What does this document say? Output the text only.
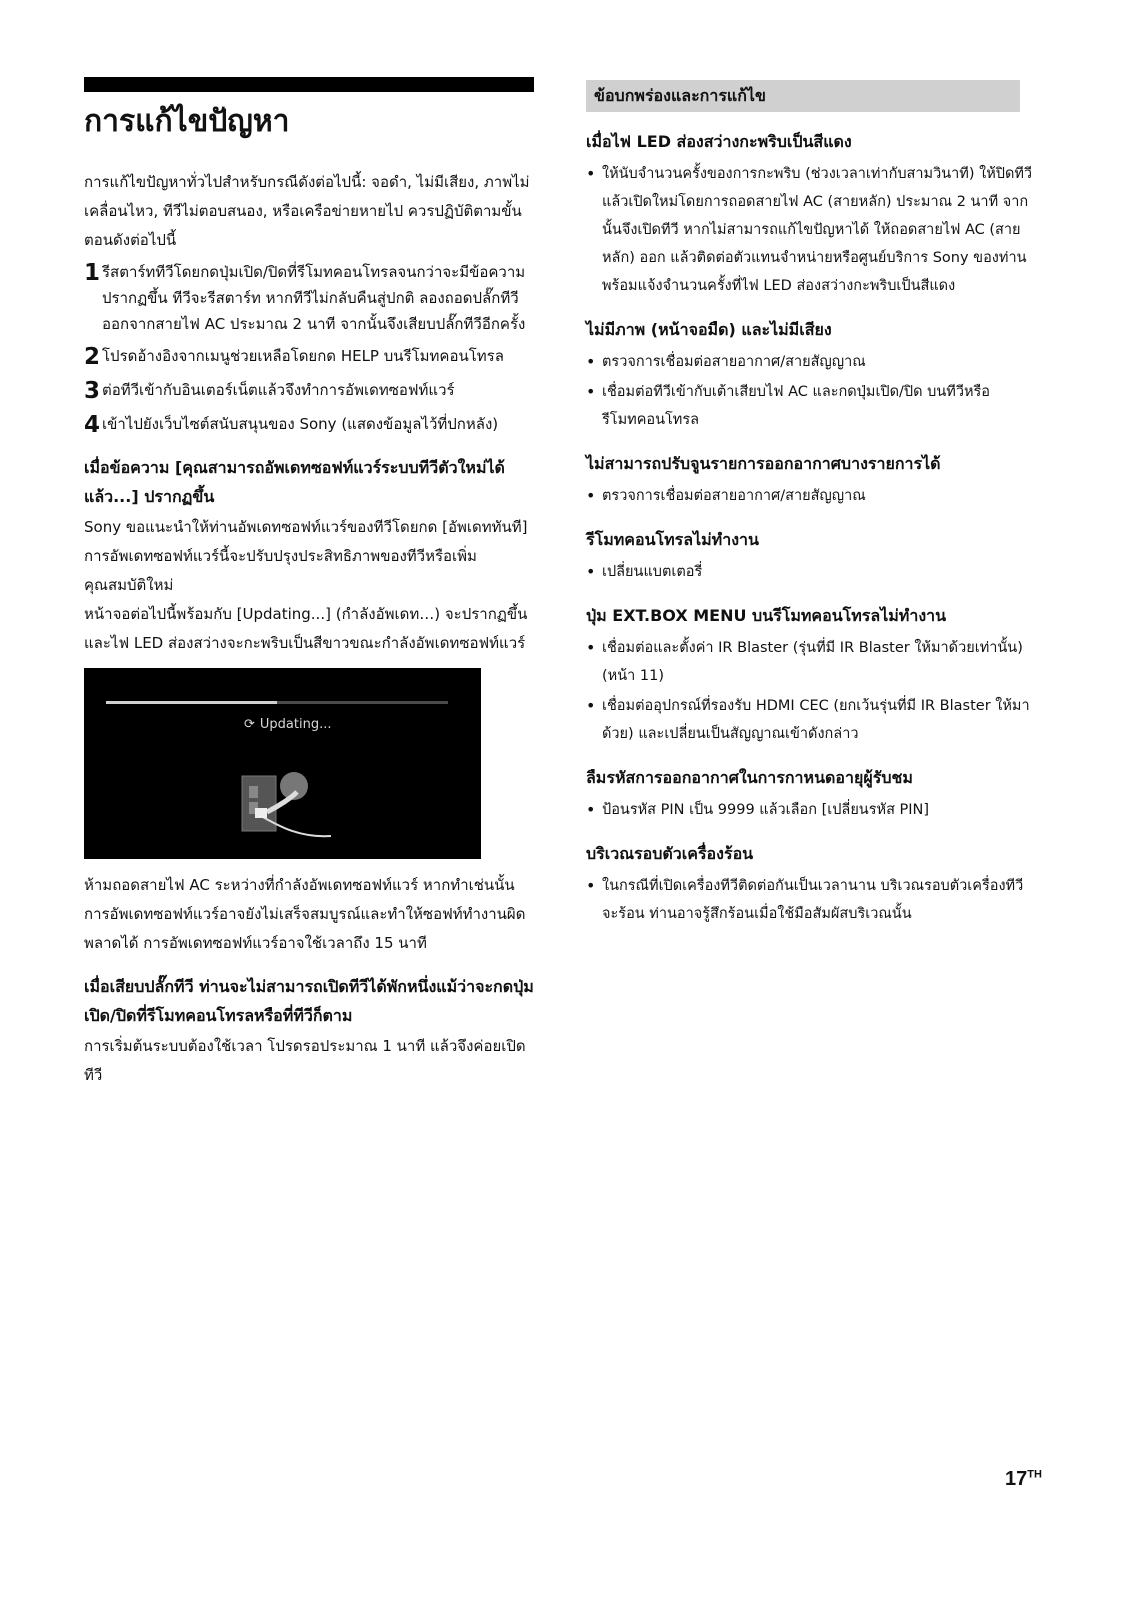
การแก้ไขปัญหา

การแก้ไขปัญหาทั่วไปสำหรับกรณีดังต่อไปนี้: จอดำ, ไม่มีเสียง, ภาพไม่เคลื่อนไหว, ทีวีไม่ตอบสนอง, หรือเครือข่ายหายไป ควรปฏิบัติตามขั้นตอนดังต่อไปนี้

1 รีสตาร์ททีวีโดยกดปุ่มเปิด/ปิดที่รีโมทคอนโทรลจนกว่าจะมีข้อความปรากฏขึ้น ทีวีจะรีสตาร์ท หากทีวีไม่กลับคืนสู่ปกติ ลองถอดปลั๊กทีวีออกจากสายไฟ AC ประมาณ 2 นาที จากนั้นจึงเสียบปลั๊กทีวีอีกครั้ง
2 โปรดอ้างอิงจากเมนูช่วยเหลือโดยกด HELP บนรีโมทคอนโทรล
3 ต่อทีวีเข้ากับอินเตอร์เน็ตแล้วจึงทำการอัพเดทซอฟท์แวร์
4 เข้าไปยังเว็บไซต์สนับสนุนของ Sony (แสดงข้อมูลไว้ที่ปกหลัง)
เมื่อข้อความ [คุณสามารถอัพเดทซอฟท์แวร์ระบบทีวีตัวใหม่ได้แล้ว...] ปรากฏขึ้น

Sony ขอแนะนำให้ท่านอัพเดทซอฟท์แวร์ของทีวีโดยกด [อัพเดททันที] การอัพเดทซอฟท์แวร์นี้จะปรับปรุงประสิทธิภาพของทีวีหรือเพิ่มคุณสมบัติใหม่

หน้าจอต่อไปนี้พร้อมกับ [Updating...] (กำลังอัพเดท…) จะปรากฏขึ้น และไฟ LED ส่องสว่างจะกะพริบเป็นสีขาวขณะกำลังอัพเดทซอฟท์แวร์

⟳ Updating...

ห้ามถอดสายไฟ AC ระหว่างที่กำลังอัพเดทซอฟท์แวร์ หากทำเช่นนั้น การอัพเดทซอฟท์แวร์อาจยังไม่เสร็จสมบูรณ์และทำให้ซอฟท์ทำงานผิดพลาดได้ การอัพเดทซอฟท์แวร์อาจใช้เวลาถึง 15 นาที

เมื่อเสียบปลั๊กทีวี ท่านจะไม่สามารถเปิดทีวีได้พักหนึ่งแม้ว่าจะกดปุ่มเปิด/ปิดที่รีโมทคอนโทรลหรือที่ทีวีก็ตาม

การเริ่มต้นระบบต้องใช้เวลา โปรดรอประมาณ 1 นาที แล้วจึงค่อยเปิดทีวี

ข้อบกพร่องและการแก้ไข
เมื่อไฟ LED ส่องสว่างกะพริบเป็นสีแดง
• ให้นับจำนวนครั้งของการกะพริบ (ช่วงเวลาเท่ากับสามวินาที) ให้ปิดทีวีแล้วเปิดใหม่โดยการถอดสายไฟ AC (สายหลัก) ประมาณ 2 นาที จากนั้นจึงเปิดทีวี หากไม่สามารถแก้ไขปัญหาได้ ให้ถอดสายไฟ AC (สายหลัก) ออก แล้วติดต่อตัวแทนจำหน่ายหรือศูนย์บริการ Sony ของท่าน พร้อมแจ้งจำนวนครั้งที่ไฟ LED ส่องสว่างกะพริบเป็นสีแดง
ไม่มีภาพ (หน้าจอมืด) และไม่มีเสียง
• ตรวจการเชื่อมต่อสายอากาศ/สายสัญญาณ
• เชื่อมต่อทีวีเข้ากับเต้าเสียบไฟ AC และกดปุ่มเปิด/ปิด บนทีวีหรือรีโมทคอนโทรล
ไม่สามารถปรับจูนรายการออกอากาศบางรายการได้
• ตรวจการเชื่อมต่อสายอากาศ/สายสัญญาณ
รีโมทคอนโทรลไม่ทำงาน
• เปลี่ยนแบตเตอรี่
ปุ่ม EXT.BOX MENU บนรีโมทคอนโทรลไม่ทำงาน
• เชื่อมต่อและตั้งค่า IR Blaster (รุ่นที่มี IR Blaster ให้มาด้วยเท่านั้น) (หน้า 11)
• เชื่อมต่ออุปกรณ์ที่รองรับ HDMI CEC (ยกเว้นรุ่นที่มี IR Blaster ให้มาด้วย) และเปลี่ยนเป็นสัญญาณเข้าดังกล่าว
ลืมรหัสการออกอากาศในการกาหนดอายุผู้รับชม
• ป้อนรหัส PIN เป็น 9999 แล้วเลือก [เปลี่ยนรหัส PIN]
บริเวณรอบตัวเครื่องร้อน
• ในกรณีที่เปิดเครื่องทีวีติดต่อกันเป็นเวลานาน บริเวณรอบตัวเครื่องทีวีจะร้อน ท่านอาจรู้สึกร้อนเมื่อใช้มือสัมผัสบริเวณนั้น
17TH
